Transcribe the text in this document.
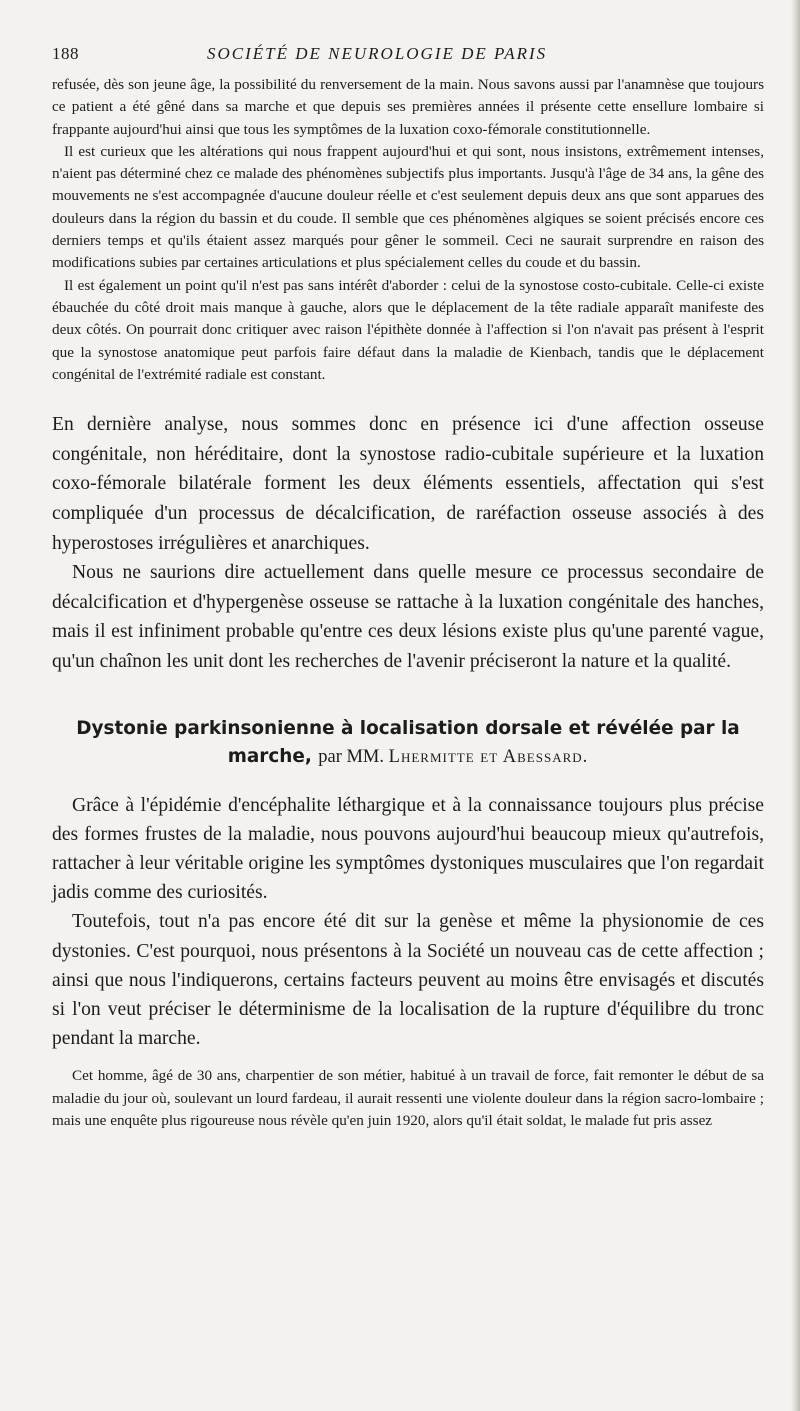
188	SOCIÉTÉ DE NEUROLOGIE DE PARIS

refusée, dès son jeune âge, la possibilité du renversement de la main. Nous savons aussi par l'anamnèse que toujours ce patient a été gêné dans sa marche et que depuis ses premières années il présente cette ensellure lombaire si frappante aujourd'hui ainsi que tous les symptômes de la luxation coxo-fémorale constitutionnelle.

Il est curieux que les altérations qui nous frappent aujourd'hui et qui sont, nous insistons, extrêmement intenses, n'aient pas déterminé chez ce malade des phénomènes subjectifs plus importants. Jusqu'à l'âge de 34 ans, la gêne des mouvements ne s'est accompagnée d'aucune douleur réelle et c'est seulement depuis deux ans que sont apparues des douleurs dans la région du bassin et du coude. Il semble que ces phénomènes algiques se soient précisés encore ces derniers temps et qu'ils étaient assez marqués pour gêner le sommeil. Ceci ne saurait surprendre en raison des modifications subies par certaines articulations et plus spécialement celles du coude et du bassin.

Il est également un point qu'il n'est pas sans intérêt d'aborder : celui de la synostose costo-cubitale. Celle-ci existe ébauchée du côté droit mais manque à gauche, alors que le déplacement de la tête radiale apparaît manifeste des deux côtés. On pourrait donc critiquer avec raison l'épithète donnée à l'affection si l'on n'avait pas présent à l'esprit que la synostose anatomique peut parfois faire défaut dans la maladie de Kienbach, tandis que le déplacement congénital de l'extrémité radiale est constant.

En dernière analyse, nous sommes donc en présence ici d'une affection osseuse congénitale, non héréditaire, dont la synostose radio-cubitale supérieure et la luxation coxo-fémorale bilatérale forment les deux éléments essentiels, affectation qui s'est compliquée d'un processus de décalcification, de raréfaction osseuse associés à des hyperostoses irrégulières et anarchiques.

Nous ne saurions dire actuellement dans quelle mesure ce processus secondaire de décalcification et d'hypergenèse osseuse se rattache à la luxation congénitale des hanches, mais il est infiniment probable qu'entre ces deux lésions existe plus qu'une parenté vague, qu'un chaînon les unit dont les recherches de l'avenir préciseront la nature et la qualité.

Dystonie parkinsonienne à localisation dorsale et révélée par la marche, par MM. Lhermitte et Abessard.

Grâce à l'épidémie d'encéphalite léthargique et à la connaissance toujours plus précise des formes frustes de la maladie, nous pouvons aujourd'hui beaucoup mieux qu'autrefois, rattacher à leur véritable origine les symptômes dystoniques musculaires que l'on regardait jadis comme des curiosités.

Toutefois, tout n'a pas encore été dit sur la genèse et même la physionomie de ces dystonies. C'est pourquoi, nous présentons à la Société un nouveau cas de cette affection ; ainsi que nous l'indiquerons, certains facteurs peuvent au moins être envisagés et discutés si l'on veut préciser le déterminisme de la localisation de la rupture d'équilibre du tronc pendant la marche.

Cet homme, âgé de 30 ans, charpentier de son métier, habitué à un travail de force, fait remonter le début de sa maladie du jour où, soulevant un lourd fardeau, il aurait ressenti une violente douleur dans la région sacro-lombaire ; mais une enquête plus rigoureuse nous révèle qu'en juin 1920, alors qu'il était soldat, le malade fut pris assez
